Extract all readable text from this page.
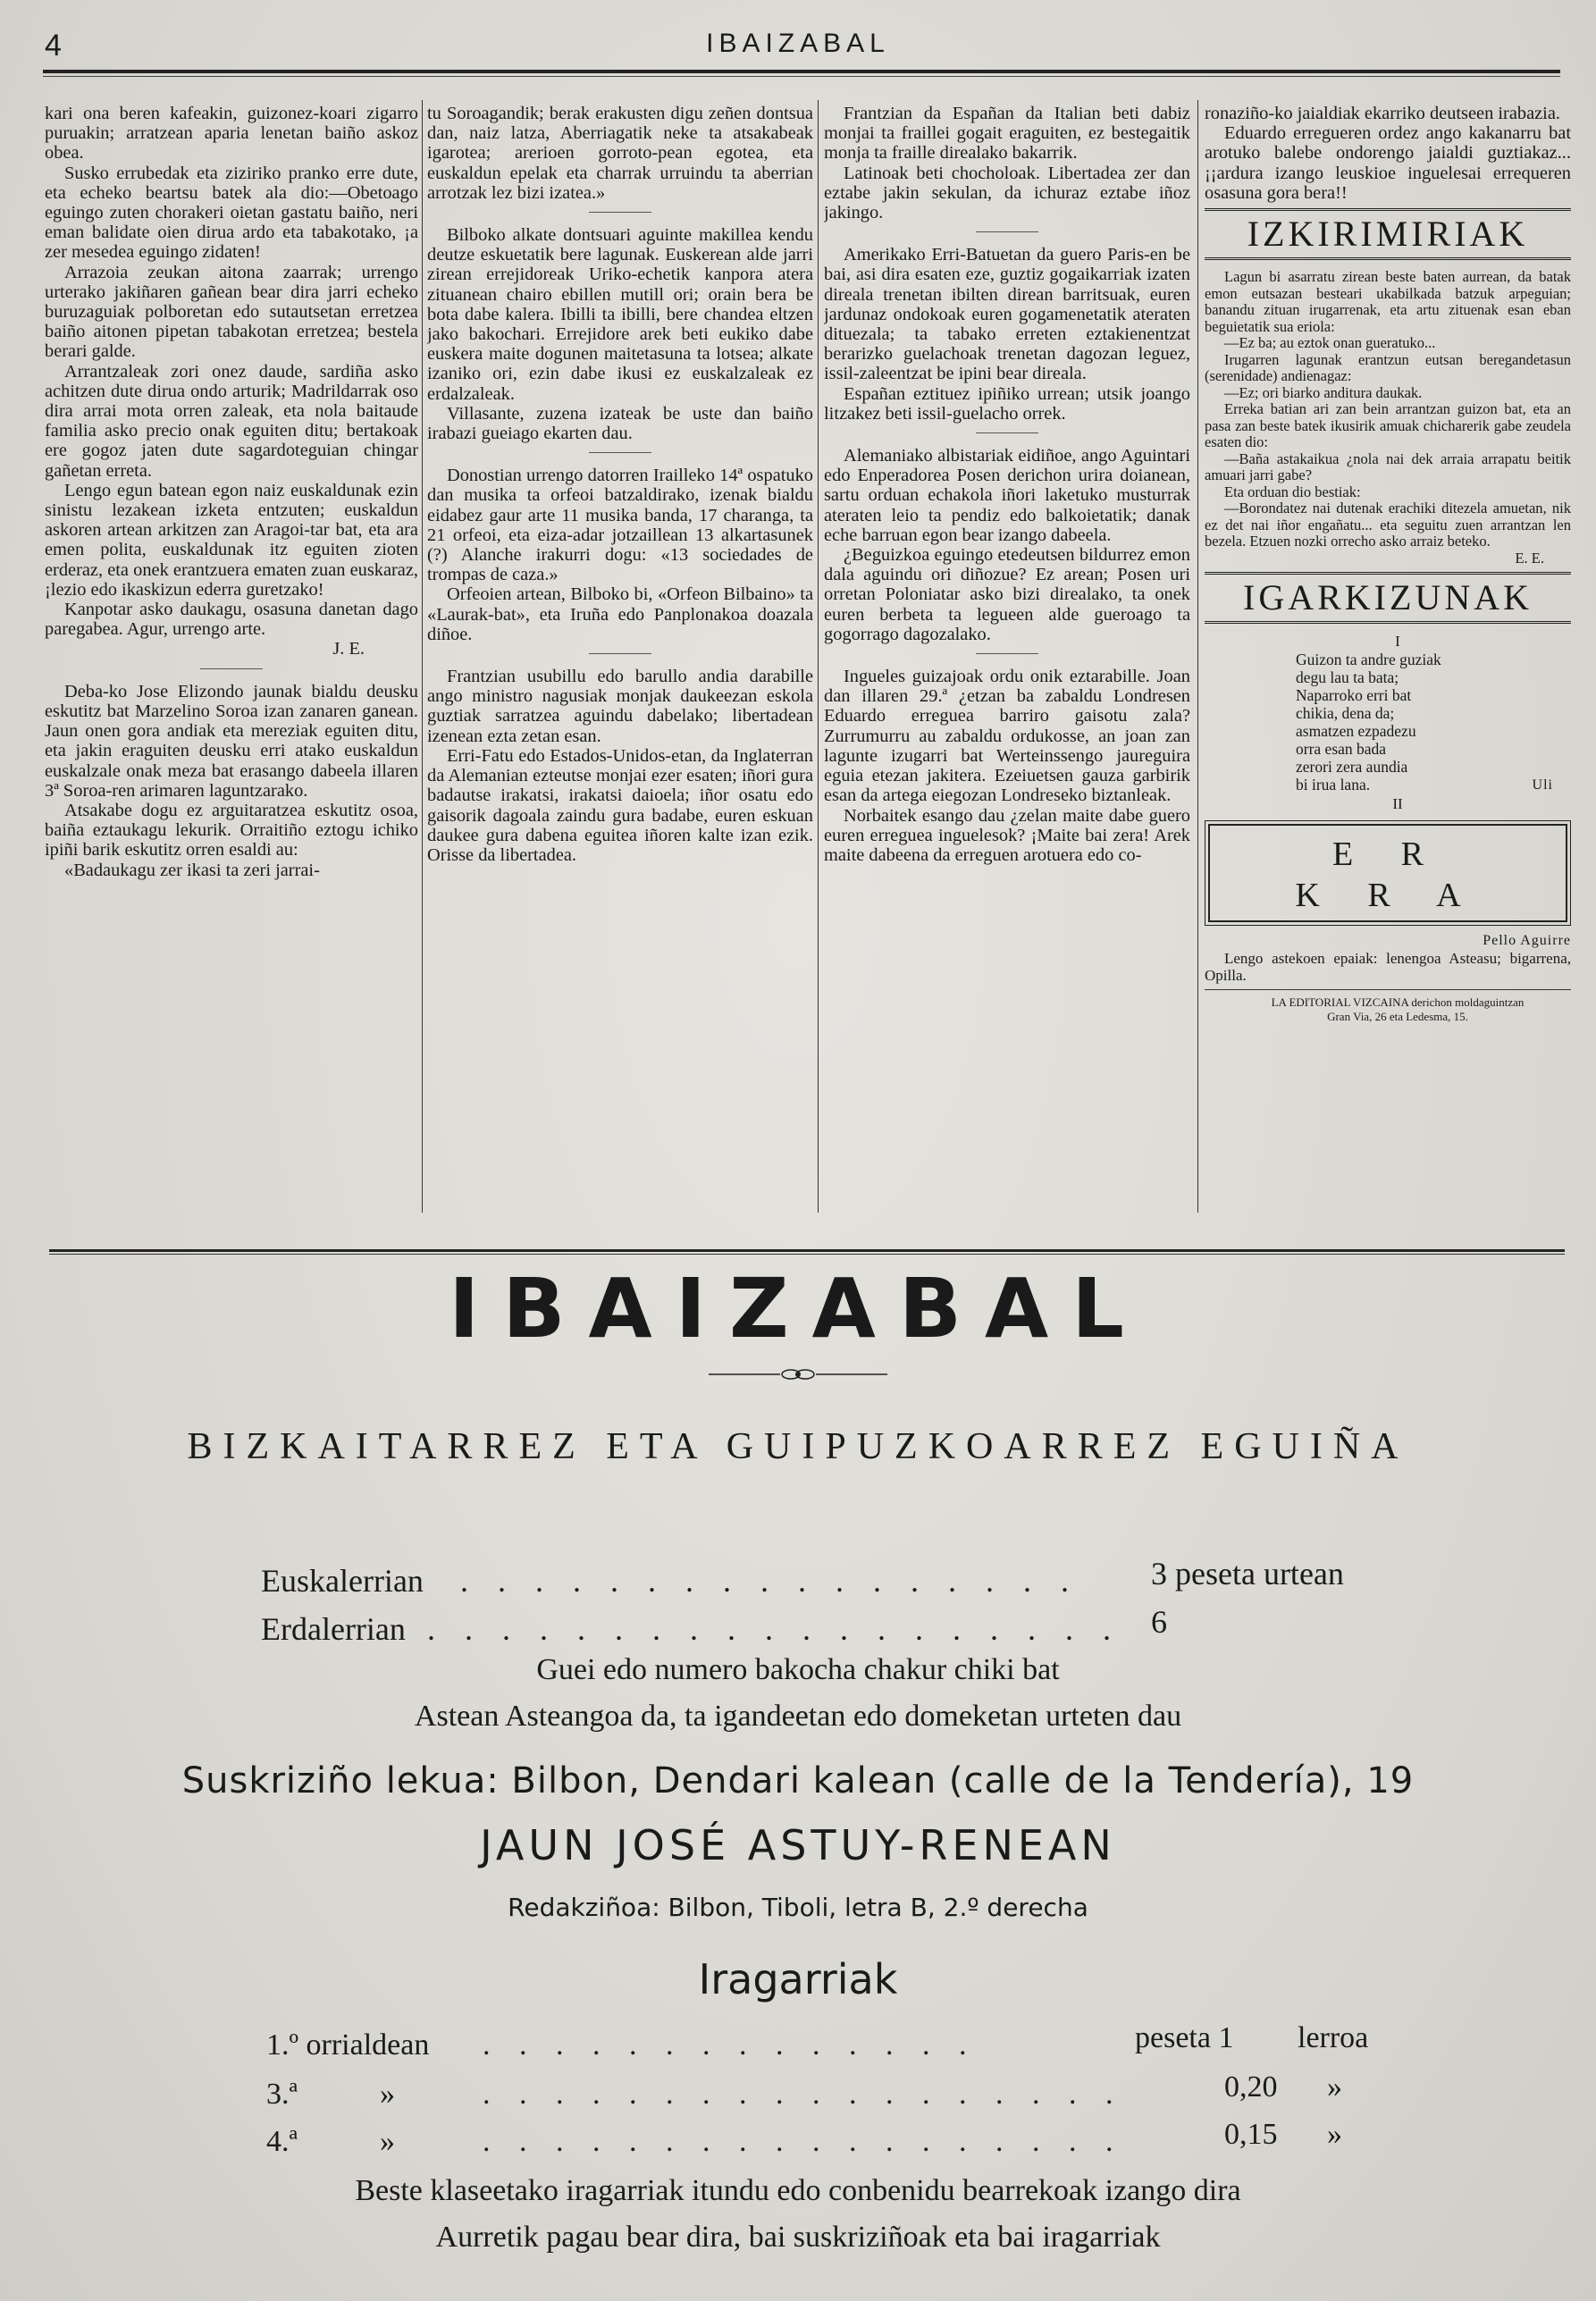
4	IBAIZABAL

kari ona beren kafeakin, guizonez-koari zigarro puruakin; arratzean aparia lenetan baiño askoz obea.

Susko errubedak eta ziziriko pranko erre dute, eta echeko beartsu batek ala dio:—Obetoago eguingo zuten chorakeri oietan gastatu baiño, neri eman balidate oien dirua ardo eta tabakotako, ¡a zer mesedea eguingo zidaten!

Arrazoia zeukan aitona zaarrak; urrengo urterako jakiñaren gañean bear dira jarri echeko buruzaguiak polboretan edo sutautsetan erretzea baiño aitonen pipetan tabakotan erretzea; bestela berari galde.

Arrantzaleak zori onez daude, sardiña asko achitzen dute dirua ondo arturik; Madrildarrak oso dira arrai mota orren zaleak, eta nola baitaude familia asko precio onak eguiten ditu; bertakoak ere gogoz jaten dute sagardoteguian chingar gañetan erreta.

Lengo egun batean egon naiz euskaldunak ezin sinistu lezakean izketa entzuten; euskaldun askoren artean arkitzen zan Aragoi-tar bat, eta ara emen polita, euskaldunak itz eguiten zioten erderaz, eta onek erantzuera ematen zuan euskaraz, ¡lezio edo ikaskizun ederra guretzako!

Kanpotar asko daukagu, osasuna danetan dago paregabea. Agur, urrengo arte.

J. E.

Deba-ko Jose Elizondo jaunak bialdu deusku eskutitz bat Marzelino Soroa izan zanaren ganean. Jaun onen gora andiak eta mereziak eguiten ditu, eta jakin eraguiten deusku erri atako euskaldun euskalzale onak meza bat erasango dabeela illaren 3ª Soroa-ren arimaren laguntzarako.

Atsakabe dogu ez arguitaratzea eskutitz osoa, baiña eztaukagu lekurik. Orraitiño eztogu ichiko ipiñi barik eskutitz orren esaldi au:

«Badaukagu zer ikasi ta zeri jarrai-

tu Soroagandik; berak erakusten digu zeñen dontsua dan, naiz latza, Aberriagatik neke ta atsakabeak igarotea; arerioen gorroto-pean egotea, eta euskaldun epelak eta charrak urruindu ta aberrian arrotzak lez bizi izatea.»

Bilboko alkate dontsuari aguinte makillea kendu deutze eskuetatik bere lagunak. Euskerean alde jarri zirean errejidoreak Uriko-echetik kanpora atera zituanean chairo ebillen mutill ori; orain bera be bota dabe kalera. Ibilli ta ibilli, bere chandea eltzen jako bakochari. Errejidore arek beti eukiko dabe euskera maite dogunen maitetasuna ta lotsea; alkate izaniko ori, ezin dabe ikusi ez euskalzaleak ez erdalzaleak.

Villasante, zuzena izateak be uste dan baiño irabazi gueiago ekarten dau.

Donostian urrengo datorren Irailleko 14ª ospatuko dan musika ta orfeoi batzaldirako, izenak bialdu eidabez gaur arte 11 musika banda, 17 charanga, ta 21 orfeoi, eta eiza-adar jotzaillean 13 alkartasunek (?) Alanche irakurri dogu: «13 sociedades de trompas de caza.»

Orfeoien artean, Bilboko bi, «Orfeon Bilbaino» ta «Laurak-bat», eta Iruña edo Panplonakoa doazala diñoe.

Frantzian usubillu edo barullo andia darabille ango ministro nagusiak monjak daukeezan eskola guztiak sarratzea aguindu dabelako; libertadean izenean ezta zetan esan.

Erri-Fatu edo Estados-Unidos-etan, da Inglaterran da Alemanian ezteutse monjai ezer esaten; iñori gura badautse irakatsi, irakatsi daioela; iñor osatu edo gaisorik dagoala zaindu gura badabe, euren eskuan daukee gura dabena eguitea iñoren kalte izan ezik. Orisse da libertadea.

Frantzian da Españan da Italian beti dabiz monjai ta fraillei gogait eraguiten, ez bestegaitik monja ta fraille direalako bakarrik.

Latinoak beti chocholoak. Libertadea zer dan eztabe jakin sekulan, da ichuraz eztabe iñoz jakingo.

Amerikako Erri-Batuetan da guero Paris-en be bai, asi dira esaten eze, guztiz gogaikarriak izaten direala trenetan ibilten direan barritsuak, euren jardunaz ondokoak euren gogamenetatik ateraten dituezala; ta tabako erreten eztakienentzat berarizko guelachoak trenetan dagozan leguez, issil-zaleentzat be ipini bear direala.

Españan eztituez ipiñiko urrean; utsik joango litzakez beti issil-guelacho orrek.

Alemaniako albistariak eidiñoe, ango Aguintari edo Enperadorea Posen derichon urira doianean, sartu orduan echakola iñori laketuko musturrak ateraten leio ta pendiz edo balkoietatik; danak eche barruan egon bear izango dabeela.

¿Beguizkoa eguingo etedeutsen bildurrez emon dala aguindu ori diñozue? Ez arean; Posen uri orretan Poloniatar asko bizi direalako, ta onek euren berbeta ta legueen alde gueroago ta gogorrago dagozalako.

Ingueles guizajoak ordu onik eztarabille. Joan dan illaren 29.ª ¿etzan ba zabaldu Londresen Eduardo erreguea barriro gaisotu zala? Zurrumurru au zabaldu ordukosse, an joan zan lagunte izugarri bat Werteinssengo jaureguira eguia etezan jakitera. Ezeiuetsen gauza garbirik esan da artega eiegozan Londreseko biztanleak.

Norbaitek esango dau ¿zelan maite dabe guero euren erreguea inguelesok? ¡Maite bai zera! Arek maite dabeena da erreguen arotuera edo co-

ronaziño-ko jaialdiak ekarriko deutseen irabazia.

Eduardo erregueren ordez ango kakanarru bat arotuko balebe ondorengo jaialdi guztiakaz... ¡¡ardura izango leuskioe inguelesai errequeren osasuna gora bera!!

IZKIRIMIRIAK

Lagun bi asarratu zirean beste baten aurrean, da batak emon eutsazan besteari ukabilkada batzuk arpeguian; banandu zituan irugarrenak, eta artu zituenak esan eban beguietatik sua eriola:

—Ez ba; au eztok onan gueratuko...

Irugarren lagunak erantzun eutsan beregandetasun (serenidade) andienagaz:

—Ez; ori biarko anditura daukak.

Erreka batian ari zan bein arrantzan guizon bat, eta an pasa zan beste batek ikusirik amuak chicharerik gabe zeudela esaten dio:

—Baña astakaikua ¿nola nai dek arraia arrapatu beitik amuari jarri gabe?

Eta orduan dio bestiak:

—Borondatez nai dutenak erachiki ditezela amuetan, nik ez det nai iñor engañatu... eta seguitu zuen arrantzan len bezela. Etzuen nozki orrecho asko arraiz beteko.

E. E.

IGARKIZUNAK

I

Guizon ta andre guziak

degu lau ta bata;

Naparroko erri bat

chikia, dena da;

asmatzen ezpadezu

orra esan bada

zerori zera aundia

bi irua lana.	Uli

II

E R
K R A

Pello Aguirre

Lengo astekoen epaiak: lenengoa Asteasu; bigarrena, Opilla.

LA EDITORIAL VIZCAINA derichon moldaguintzan

Gran Via, 26 eta Ledesma, 15.

IBAIZABAL
BIZKAITARREZ ETA GUIPUZKOARREZ EGUIÑA
Euskalerrian . . . . . . . . . . . . . . . . . 3 peseta urtean
Erdalerrian . . . . . . . . . . . . . . . . . . . 6
Guei edo numero bakocha chakur chiki bat
Astean Asteangoa da, ta igandeetan edo domeketan urteten dau
Suskriziño lekua: Bilbon, Dendari kalean (calle de la Tendería), 19
JAUN JOSÉ ASTUY-RENEAN
Redakziñoa: Bilbon, Tiboli, letra B, 2.º derecha
Iragarriak
1.º orrialdean . . . . . . . . . . . . . .	peseta 1 lerroa
3.ª	»	. . . . . . . . . . . . . . . . . .	0,20 »
4.ª	»	. . . . . . . . . . . . . . . . . .	0,15 »
Beste klaseetako iragarriak itundu edo conbenidu bearrekoak izango dira
Aurretik pagau bear dira, bai suskriziñoak eta bai iragarriak
